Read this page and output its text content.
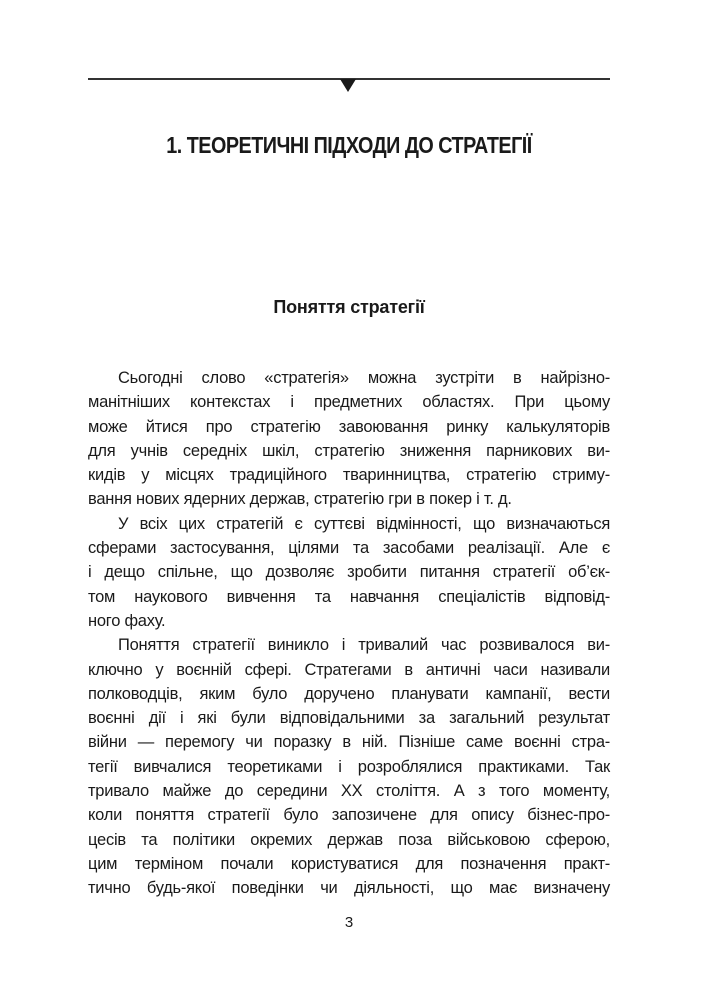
1. ТЕОРЕТИЧНІ ПІДХОДИ ДО СТРАТЕГІЇ
Поняття стратегії
Сьогодні слово «стратегія» можна зустріти в найрізно-
манітніших контекстах і предметних областях. При цьому
може йтися про стратегію завоювання ринку калькуляторів
для учнів середніх шкіл, стратегію зниження парникових ви-
кидів у місцях традиційного тваринництва, стратегію стриму-
вання нових ядерних держав, стратегію гри в покер і т. д.
У всіх цих стратегій є суттєві відмінності, що визначаються
сферами застосування, цілями та засобами реалізації. Але є
і дещо спільне, що дозволяє зробити питання стратегії об’єк-
том наукового вивчення та навчання спеціалістів відповід-
ного фаху.
Поняття стратегії виникло і тривалий час розвивалося ви-
ключно у воєнній сфері. Стратегами в античні часи називали
полководців, яким було доручено планувати кампанії, вести
воєнні дії і які були відповідальними за загальний результат
війни — перемогу чи поразку в ній. Пізніше саме воєнні стра-
тегії вивчалися теоретиками і розроблялися практиками. Так
тривало майже до середини ХХ століття. А з того моменту,
коли поняття стратегії було запозичене для опису бізнес-про-
цесів та політики окремих держав поза військовою сферою,
цим терміном почали користуватися для позначення практ-
тично будь-якої поведінки чи діяльності, що має визначену
3
